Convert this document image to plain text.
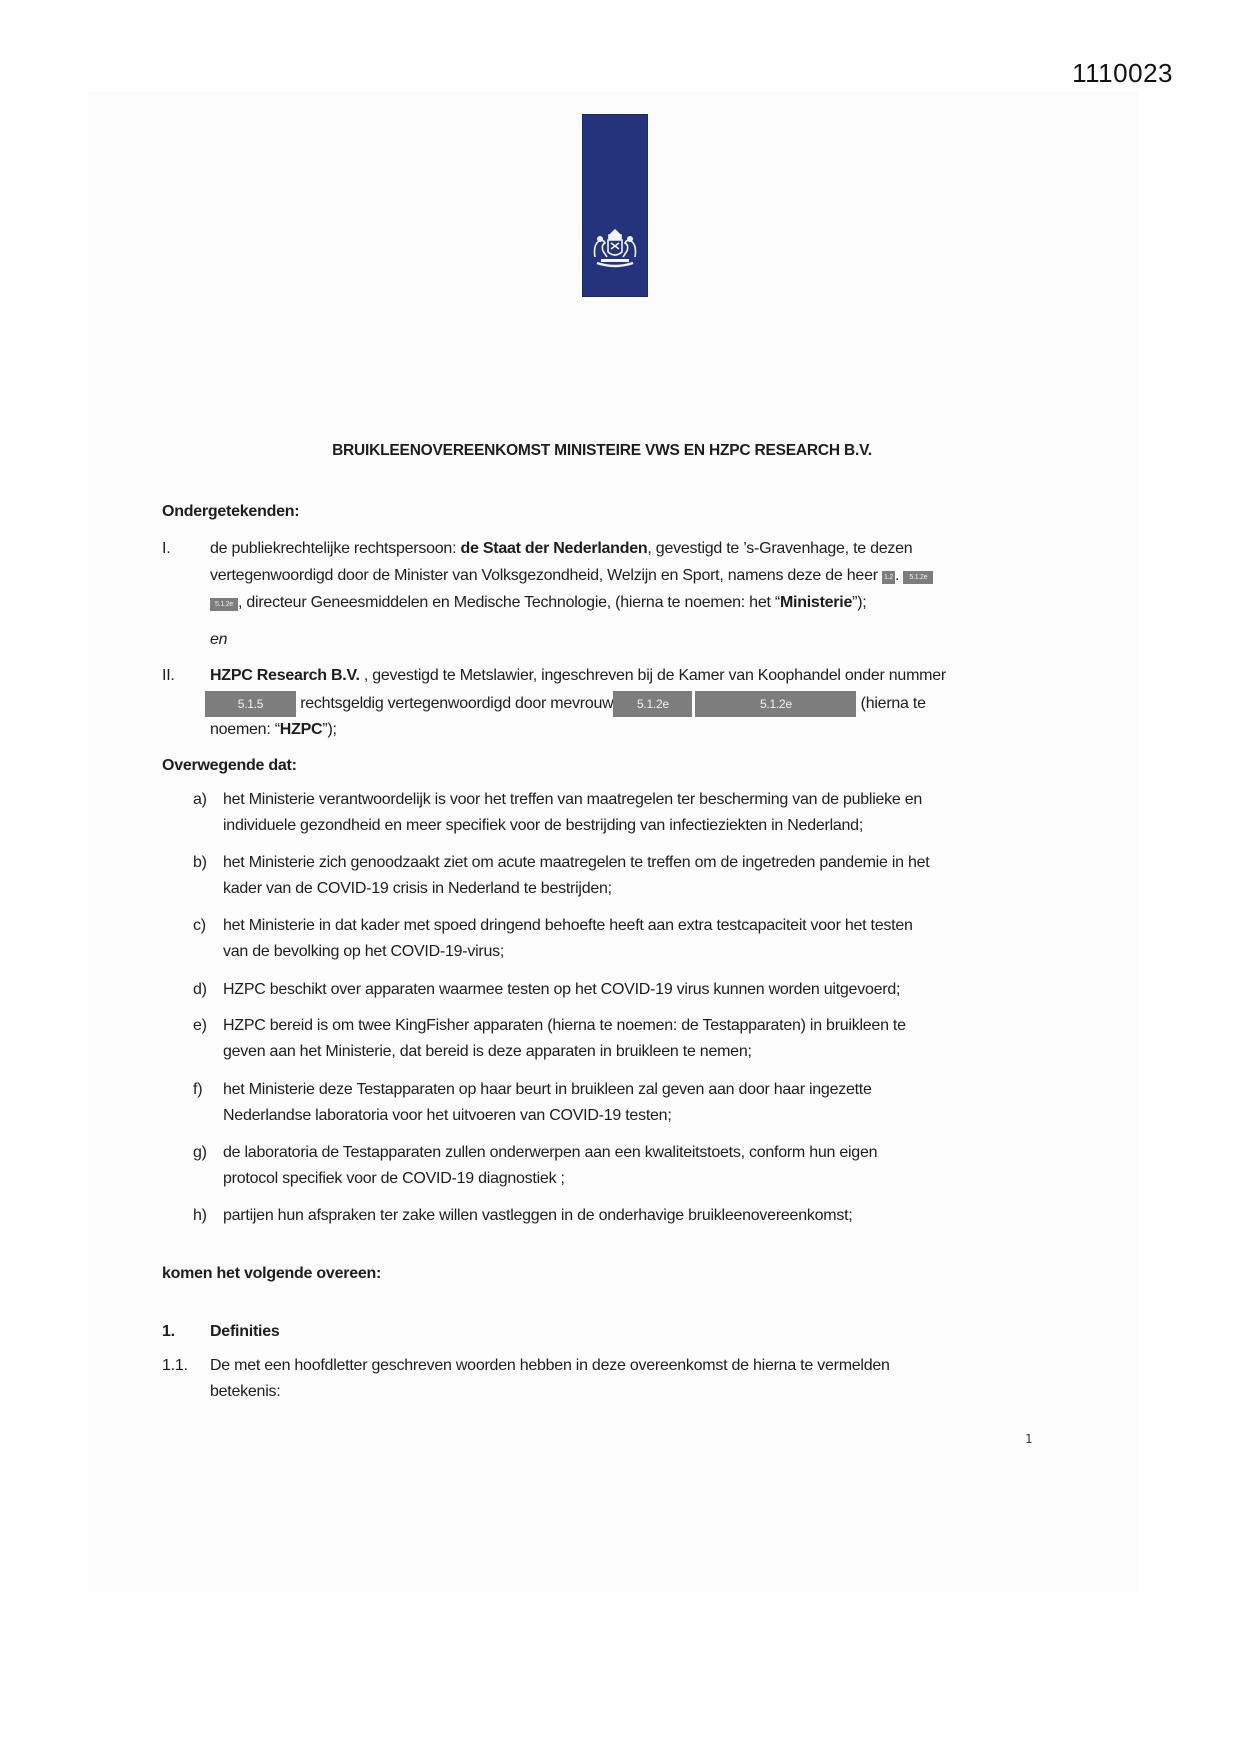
1110023
BRUIKLEENOVEREENKOMST MINISTEIRE VWS EN HZPC RESEARCH B.V.
Ondergetekenden:
I. de publiekrechtelijke rechtspersoon: de Staat der Nederlanden, gevestigd te ’s-Gravenhage, te dezen
vertegenwoordigd door de Minister van Volksgezondheid, Welzijn en Sport, namens deze de heer 1.2 . 5.1.2e
5.1.2e , directeur Geneesmiddelen en Medische Technologie, (hierna te noemen: het “Ministerie”);
en
II. HZPC Research B.V. , gevestigd te Metslawier, ingeschreven bij de Kamer van Koophandel onder nummer
5.1.5 rechtsgeldig vertegenwoordigd door mevrouw 5.1.2e	5.1.2e	(hierna te
noemen: “HZPC”);
Overwegende dat:
a) het Ministerie verantwoordelijk is voor het treffen van maatregelen ter bescherming van de publieke en
individuele gezondheid en meer specifiek voor de bestrijding van infectieziekten in Nederland;
b) het Ministerie zich genoodzaakt ziet om acute maatregelen te treffen om de ingetreden pandemie in het
kader van de COVID-19 crisis in Nederland te bestrijden;
c) het Ministerie in dat kader met spoed dringend behoefte heeft aan extra testcapaciteit voor het testen
van de bevolking op het COVID-19-virus;
d) HZPC beschikt over apparaten waarmee testen op het COVID-19 virus kunnen worden uitgevoerd;
e) HZPC bereid is om twee KingFisher apparaten (hierna te noemen: de Testapparaten) in bruikleen te
geven aan het Ministerie, dat bereid is deze apparaten in bruikleen te nemen;
f) het Ministerie deze Testapparaten op haar beurt in bruikleen zal geven aan door haar ingezette
Nederlandse laboratoria voor het uitvoeren van COVID-19 testen;
g) de laboratoria de Testapparaten zullen onderwerpen aan een kwaliteitstoets, conform hun eigen
protocol specifiek voor de COVID-19 diagnostiek ;
h) partijen hun afspraken ter zake willen vastleggen in de onderhavige bruikleenovereenkomst;
komen het volgende overeen:
1. Definities
1.1. De met een hoofdletter geschreven woorden hebben in deze overeenkomst de hierna te vermelden
betekenis:
1
